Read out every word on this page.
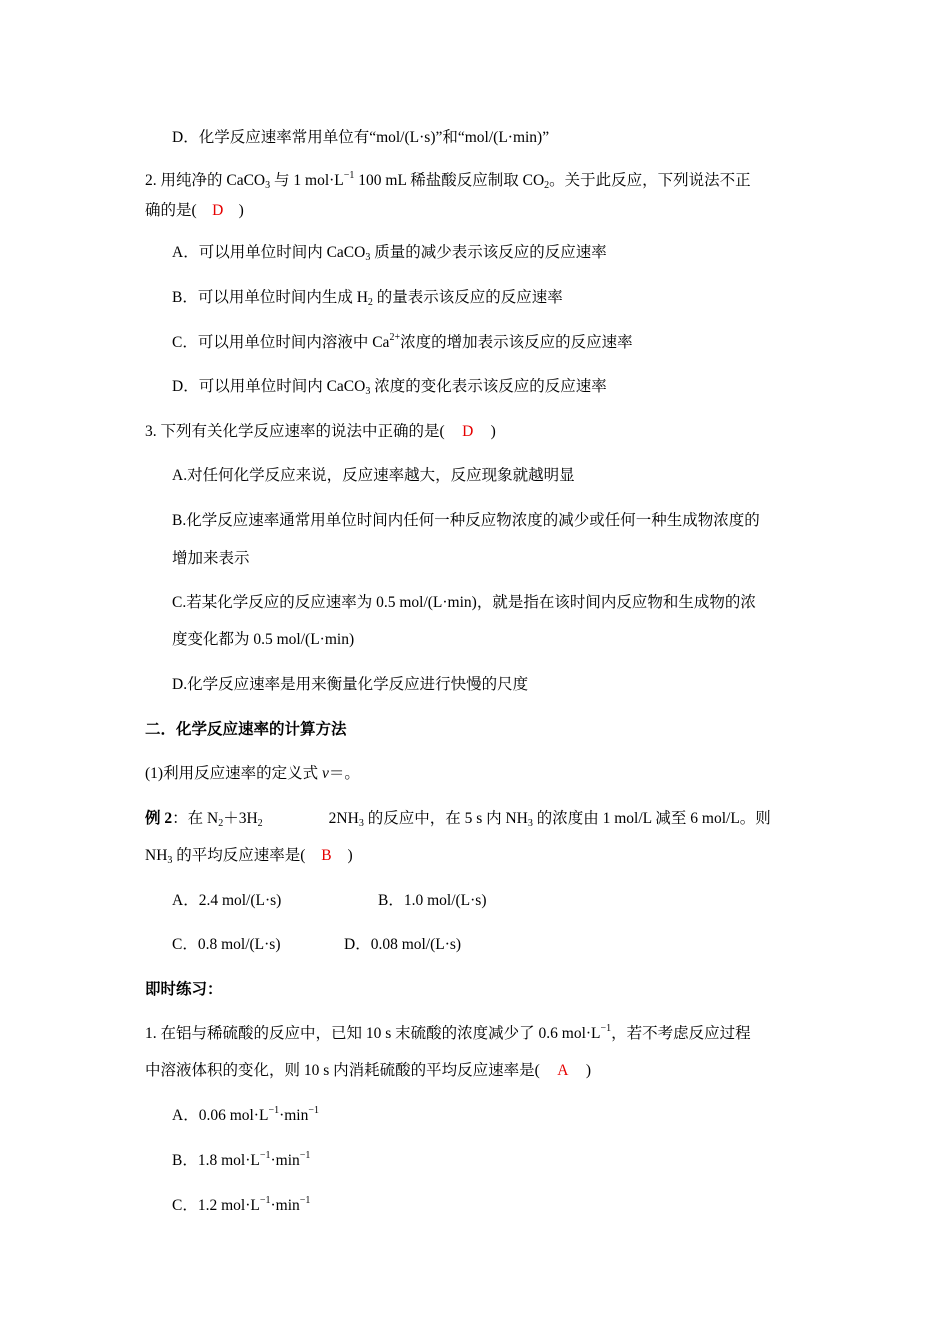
D．化学反应速率常用单位有“mol/(L·s)”和“mol/(L·min)”
2. 用纯净的 CaCO$_3$ 与 1 $mol\cdot L^{-1}$ 100 mL 稀盐酸反应制取 $CO_2$。关于此反应，下列说法不正
确的是( D )
A．可以用单位时间内 CaCO$_3$ 质量的减少表示该反应的反应速率
B．可以用单位时间内生成 $H_2$ 的量表示该反应的反应速率
C．可以用单位时间内溶液中 $Ca^{2+}$浓度的增加表示该反应的反应速率
D．可以用单位时间内 CaCO$_3$ 浓度的变化表示该反应的反应速率
3. 下列有关化学反应速率的说法中正确的是( D )
A.对任何化学反应来说，反应速率越大，反应现象就越明显
B.化学反应速率通常用单位时间内任何一种反应物浓度的减少或任何一种生成物浓度的
增加来表示
C.若某化学反应的反应速率为 0.5 mol/(L·min)，就是指在该时间内反应物和生成物的浓
度变化都为 0.5 mol/(L·min)
D.化学反应速率是用来衡量化学反应进行快慢的尺度
二．化学反应速率的计算方法
(1)利用反应速率的定义式 v＝。
例 2：在 $N_2+3H_2$	$2NH_3$ 的反应中，在 5 s 内 $NH_3$ 的浓度由 1 mol/L 减至 6 mol/L。则
$NH_3$ 的平均反应速率是( B )
A．2.4 mol/(L·s)	B．1.0 mol/(L·s)
C．0.8 mol/(L·s)	D．0.08 mol/(L·s)
即时练习：
1. 在铝与稀硫酸的反应中，已知 10 s 末硫酸的浓度减少了 0.6 $mol\cdot L^{-1}$，若不考虑反应过程
中溶液体积的变化，则 10 s 内消耗硫酸的平均反应速率是( A )
A．0.06 $mol\cdot L^{-1}\cdot\min^{-1}$
B．1.8 $mol\cdot L^{-1}\cdot\min^{-1}$
C．1.2 $mol\cdot L^{-1}\cdot\min^{-1}$
